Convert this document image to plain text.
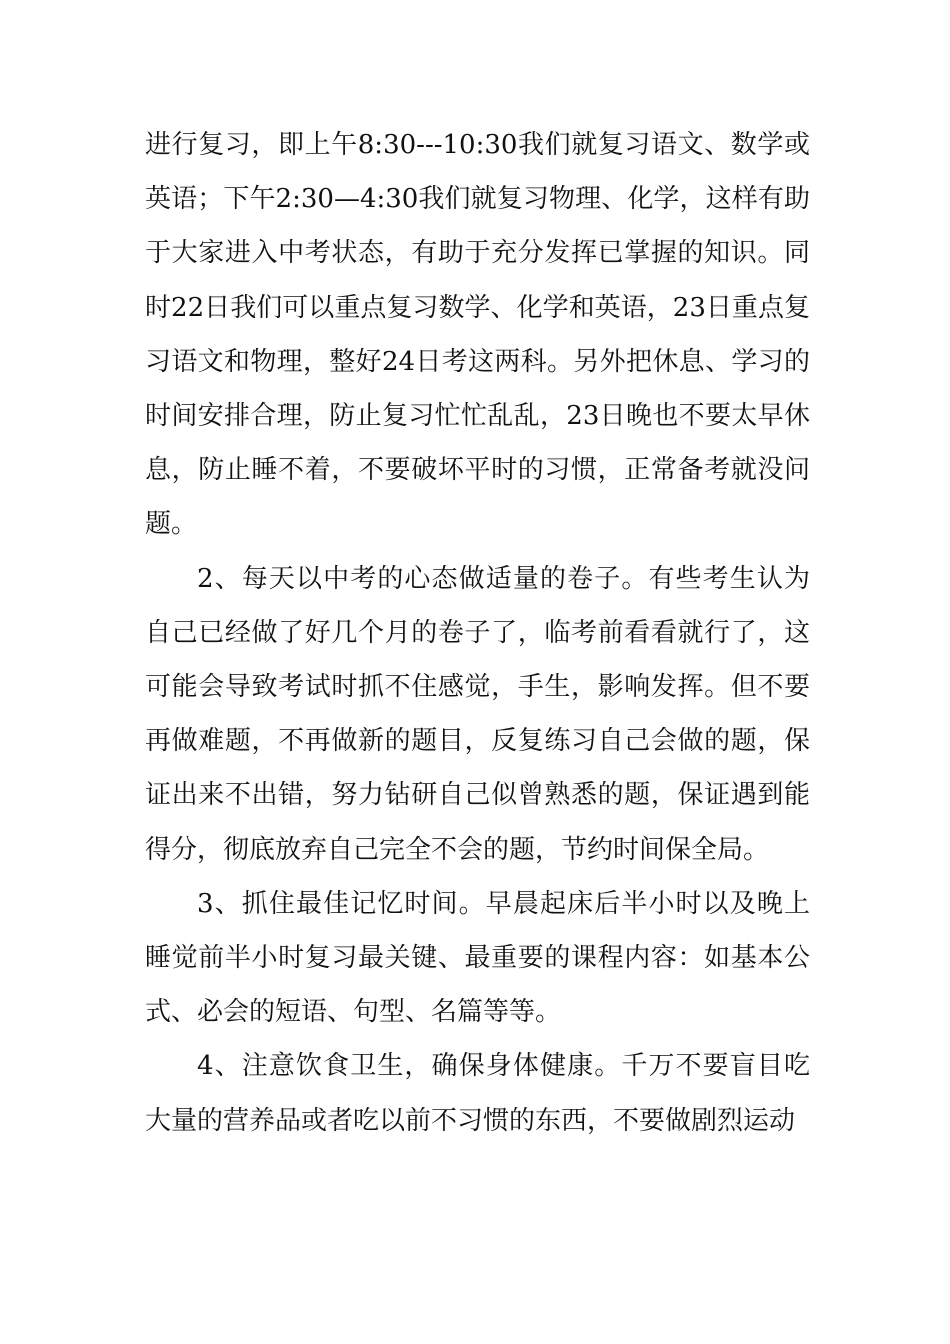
进行复习，即上午8:30---10:30我们就复习语文、数学或英语；下午2:30—4:30我们就复习物理、化学，这样有助于大家进入中考状态，有助于充分发挥已掌握的知识。同时22日我们可以重点复习数学、化学和英语，23日重点复习语文和物理，整好24日考这两科。另外把休息、学习的时间安排合理，防止复习忙忙乱乱，23日晚也不要太早休息，防止睡不着，不要破坏平时的习惯，正常备考就没问题。

2、每天以中考的心态做适量的卷子。有些考生认为自己已经做了好几个月的卷子了，临考前看看就行了，这可能会导致考试时抓不住感觉，手生，影响发挥。但不要再做难题，不再做新的题目，反复练习自己会做的题，保证出来不出错，努力钻研自己似曾熟悉的题，保证遇到能得分，彻底放弃自己完全不会的题，节约时间保全局。

3、抓住最佳记忆时间。早晨起床后半小时以及晚上睡觉前半小时复习最关键、最重要的课程内容：如基本公式、必会的短语、句型、名篇等等。

4、注意饮食卫生，确保身体健康。千万不要盲目吃大量的营养品或者吃以前不习惯的东西，不要做剧烈运动
